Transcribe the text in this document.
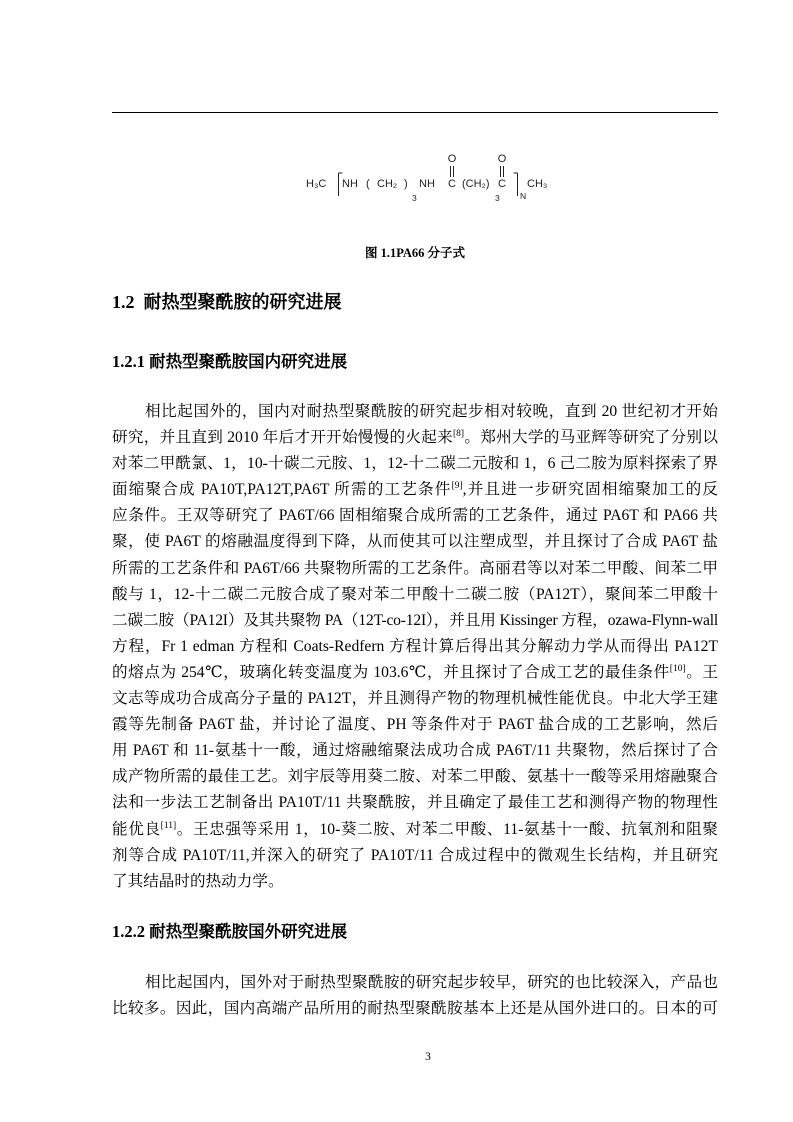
O	O
H₃C NH ( CH₂ )
3
NH C (CH₂) C
3 N
CH₃
图 1.1PA66 分子式
1.2  耐热型聚酰胺的研究进展
1.2.1 耐热型聚酰胺国内研究进展
相比起国外的，国内对耐热型聚酰胺的研究起步相对较晚，直到 20 世纪初才开始
研究，并且直到 2010 年后才开开始慢慢的火起来[8]。郑州大学的马亚辉等研究了分别以
对苯二甲酰氯、1，10-十碳二元胺、1，12-十二碳二元胺和 1，6 己二胺为原料探索了界
面缩聚合成 PA10T,PA12T,PA6T 所需的工艺条件[9],并且进一步研究固相缩聚加工的反
应条件。王双等研究了 PA6T/66 固相缩聚合成所需的工艺条件，通过 PA6T 和 PA66 共
聚，使 PA6T 的熔融温度得到下降，从而使其可以注塑成型，并且探讨了合成 PA6T 盐
所需的工艺条件和 PA6T/66 共聚物所需的工艺条件。高丽君等以对苯二甲酸、间苯二甲
酸与 1，12-十二碳二元胺合成了聚对苯二甲酸十二碳二胺（PA12T），聚间苯二甲酸十
二碳二胺（PA12I）及其共聚物 PA（12T-co-12I），并且用 Kissinger 方程，ozawa-Flynn-wall
方程，Fr 1 edman 方程和 Coats-Redfern 方程计算后得出其分解动力学从而得出 PA12T
的熔点为 254℃，玻璃化转变温度为 103.6℃，并且探讨了合成工艺的最佳条件[10]。王
文志等成功合成高分子量的 PA12T，并且测得产物的物理机械性能优良。中北大学王建
霞等先制备 PA6T 盐，并讨论了温度、PH 等条件对于 PA6T 盐合成的工艺影响，然后
用 PA6T 和 11-氨基十一酸，通过熔融缩聚法成功合成 PA6T/11 共聚物，然后探讨了合
成产物所需的最佳工艺。刘宇辰等用葵二胺、对苯二甲酸、氨基十一酸等采用熔融聚合
法和一步法工艺制备出 PA10T/11 共聚酰胺，并且确定了最佳工艺和测得产物的物理性
能优良[11]。王忠强等采用 1，10-葵二胺、对苯二甲酸、11-氨基十一酸、抗氧剂和阻聚
剂等合成 PA10T/11,并深入的研究了 PA10T/11 合成过程中的微观生长结构，并且研究
了其结晶时的热动力学。
1.2.2 耐热型聚酰胺国外研究进展
相比起国内，国外对于耐热型聚酰胺的研究起步较早，研究的也比较深入，产品也
比较多。因此，国内高端产品所用的耐热型聚酰胺基本上还是从国外进口的。日本的可
3
